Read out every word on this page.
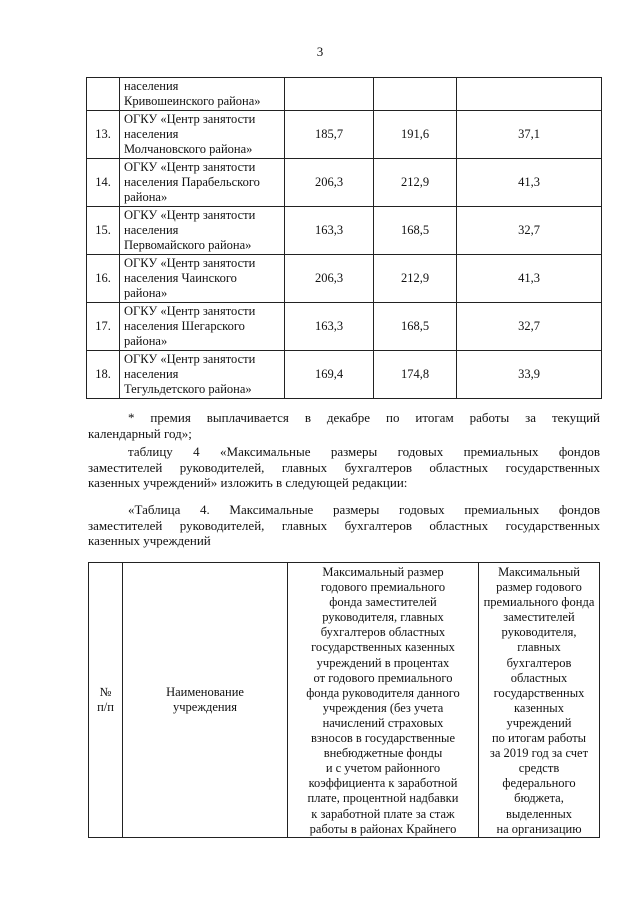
3

	населения
Кривошеинского района»			

13.	ОГКУ «Центр занятости
населения
Молчановского района»	185,7	191,6	37,1
14.	ОГКУ «Центр занятости
населения Парабельского
района»	206,3	212,9	41,3
15.	ОГКУ «Центр занятости
населения
Первомайского района»	163,3	168,5	32,7
16.	ОГКУ «Центр занятости
населения Чаинского
района»	206,3	212,9	41,3
17.	ОГКУ «Центр занятости
населения Шегарского
района»	163,3	168,5	32,7
18.	ОГКУ «Центр занятости
населения
Тегульдетского района»	169,4	174,8	33,9
* премия выплачивается в декабре по итогам работы за текущий
календарный год»;
таблицу 4 «Максимальные размеры годовых премиальных фондов
заместителей руководителей, главных бухгалтеров областных государственных
казенных учреждений» изложить в следующей редакции:
«Таблица 4. Максимальные размеры годовых премиальных фондов
заместителей руководителей, главных бухгалтеров областных государственных
казенных учреждений
№
п/п

Наименование
учреждения

Максимальный размер
годового премиального
фонда заместителей
руководителя, главных
бухгалтеров областных
государственных казенных
учреждений в процентах
от годового премиального
фонда руководителя данного
учреждения (без учета
начислений страховых
взносов в государственные
внебюджетные фонды
и с учетом районного
коэффициента к заработной
плате, процентной надбавки
к заработной плате за стаж
работы в районах Крайнего

Максимальный
размер годового
премиального фонда
заместителей
руководителя,
главных
бухгалтеров
областных
государственных
казенных
учреждений
по итогам работы
за 2019 год за счет
средств
федерального
бюджета,
выделенных
на организацию
